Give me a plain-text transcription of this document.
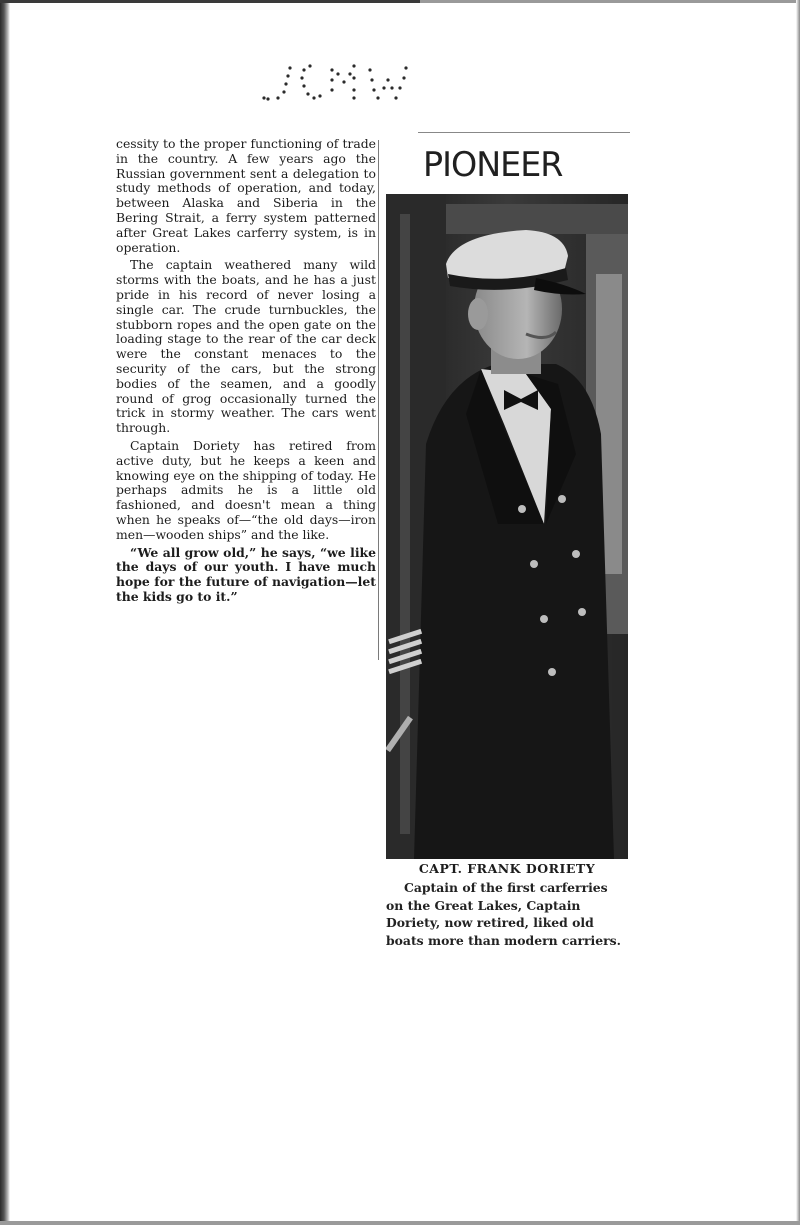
cessity to the proper functioning of trade in the country. A few years ago the Russian government sent a delegation to study methods of operation, and today, between Alaska and Siberia in the Bering Strait, a ferry system patterned after Great Lakes carferry system, is in operation.

The captain weathered many wild storms with the boats, and he has a just pride in his record of never losing a single car. The crude turnbuckles, the stubborn ropes and the open gate on the loading stage to the rear of the car deck were the constant menaces to the security of the cars, but the strong bodies of the seamen, and a goodly round of grog occasionally turned the trick in stormy weather. The cars went through.

Captain Doriety has retired from active duty, but he keeps a keen and knowing eye on the shipping of today. He perhaps admits he is a little old fashioned, and doesn't mean a thing when he speaks of—“the old days—iron men—wooden ships” and the like.

“We all grow old,” he says, “we like the days of our youth. I have much hope for the future of navigation—let the kids go to it.”

PIONEER
CAPT. FRANK DORIETY
Captain of the first carferries
on the Great Lakes, Captain
Doriety, now retired, liked old
boats more than modern carriers.
